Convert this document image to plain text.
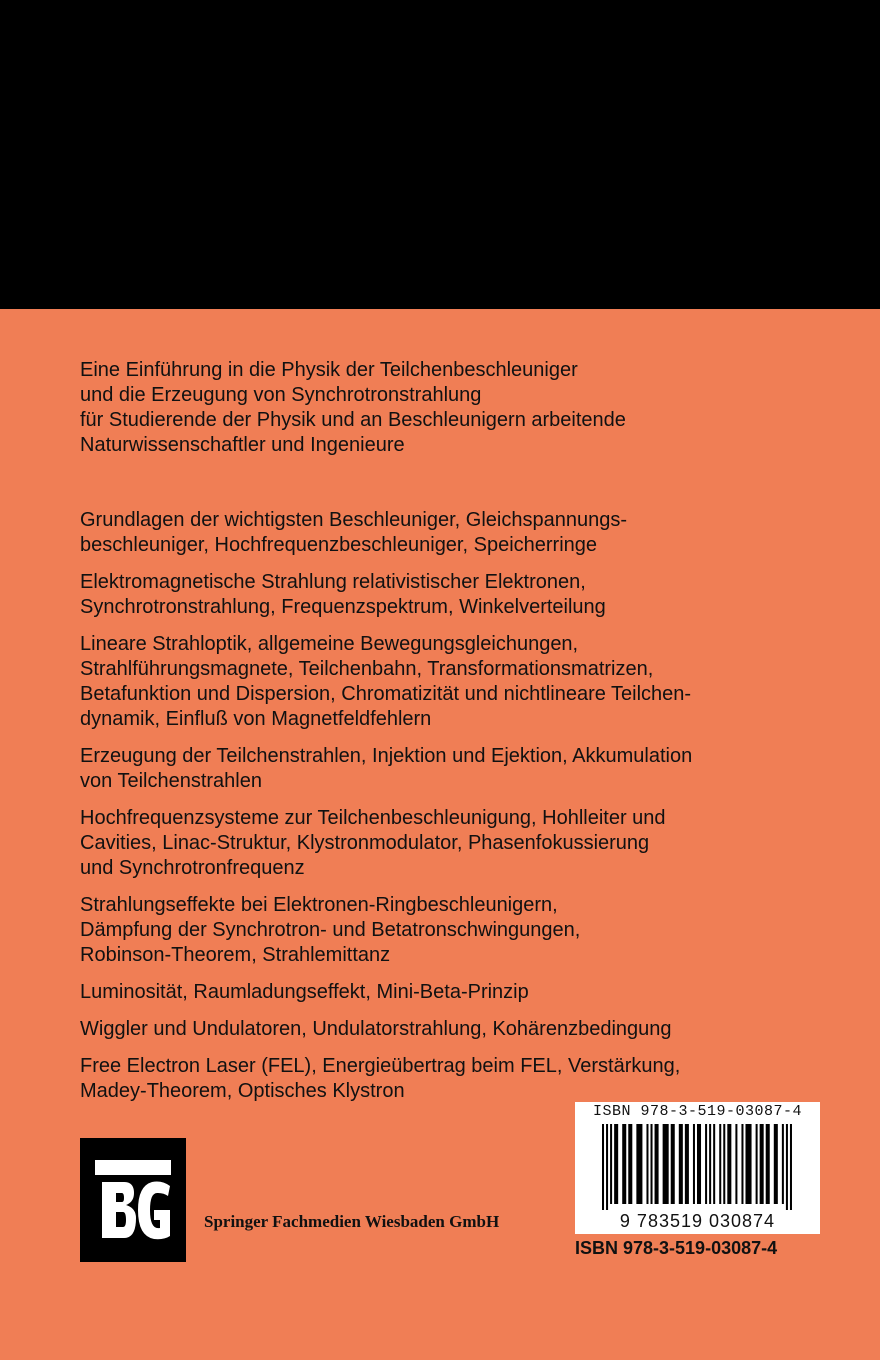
Eine Einführung in die Physik der Teilchenbeschleuniger
und die Erzeugung von Synchrotronstrahlung
für Studierende der Physik und an Beschleunigern arbeitende
Naturwissenschaftler und Ingenieure
Grundlagen der wichtigsten Beschleuniger, Gleichspannungs-
beschleuniger, Hochfrequenzbeschleuniger, Speicherringe
Elektromagnetische Strahlung relativistischer Elektronen,
Synchrotronstrahlung, Frequenzspektrum, Winkelverteilung
Lineare Strahloptik, allgemeine Bewegungsgleichungen,
Strahlführungsmagnete, Teilchenbahn, Transformationsmatrizen,
Betafunktion und Dispersion, Chromatizität und nichtlineare Teilchen-
dynamik, Einfluß von Magnetfeldfehlern
Erzeugung der Teilchenstrahlen, Injektion und Ejektion, Akkumulation
von Teilchenstrahlen
Hochfrequenzsysteme zur Teilchenbeschleunigung, Hohlleiter und
Cavities, Linac-Struktur, Klystronmodulator, Phasenfokussierung
und Synchrotronfrequenz
Strahlungseffekte bei Elektronen-Ringbeschleunigern,
Dämpfung der Synchrotron- und Betatronschwingungen,
Robinson-Theorem, Strahlemittanz
Luminosität, Raumladungseffekt, Mini-Beta-Prinzip
Wiggler und Undulatoren, Undulatorstrahlung, Kohärenzbedingung
Free Electron Laser (FEL), Energieübertrag beim FEL, Verstärkung,
Madey-Theorem, Optisches Klystron
Springer Fachmedien Wiesbaden GmbH
ISBN 978-3-519-03087-4
9 783519 030874
ISBN 978-3-519-03087-4
